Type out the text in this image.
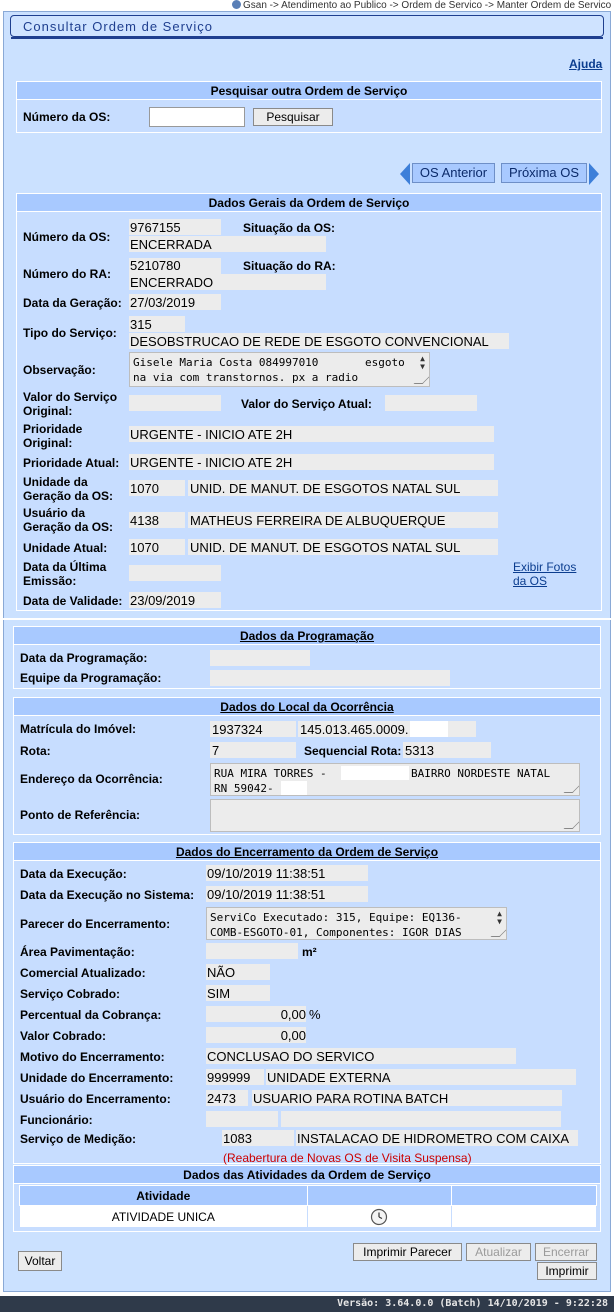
Gsan -> Atendimento ao Publico -> Ordem de Servico -> Manter Ordem de Servico
Consultar Ordem de Serviço
Ajuda
Pesquisar outra Ordem de Serviço
Número da OS:	Pesquisar
OS Anterior	Próxima OS
Dados Gerais da Ordem de Serviço
Número da OS:
9767155	Situação da OS:
ENCERRADA
Número do RA:
5210780	Situação do RA:
ENCERRADO
Data da Geração: 27/03/2019
Tipo do Serviço:
315
DESOBSTRUCAO DE REDE DE ESGOTO CONVENCIONAL
Observação:

Gisele Maria Costa 084997010

	esgoto

na via com transtornos. px a radio

▲
▼

Valor do Serviço Original:	Valor do Serviço Atual:
Prioridade Original:
URGENTE - INICIO ATE 2H
Prioridade Atual: URGENTE - INICIO ATE 2H
Unidade da Geração da OS:	1070 UNID. DE MANUT. DE ESGOTOS NATAL SUL
Usuário da Geração da OS:	4138 MATHEUS FERREIRA DE ALBUQUERQUE
Unidade Atual: 1070 UNID. DE MANUT. DE ESGOTOS NATAL SUL
Data da Última Emissão:
Exibir Fotos da OS
Data de Validade: 23/09/2019
Dados da Programação
Data da Programação:
Equipe da Programação:
Dados do Local da Ocorrência
Matrícula do Imóvel:	1937324	145.013.465.0009.
Rota:	7	Sequencial Rota: 5313
Endereço da Ocorrência:

	RUA MIRA TORRES -

	BAIRRO NORDESTE NATAL

RN 59042-

Ponto de Referência:

Dados do Encerramento da Ordem de Serviço
Data da Execução:	09/10/2019 11:38:51
Data da Execução no Sistema: 09/10/2019 11:38:51
Parecer do Encerramento:

	ServiCo Executado: 315, Equipe: EQ136-

COMB-ESGOTO-01, Componentes: IGOR DIAS

▲
▼

Área Pavimentação:	m²
Comercial Atualizado:	NÃO
Serviço Cobrado:	SIM
Percentual da Cobrança:	0,00 %
Valor Cobrado:	0,00
Motivo do Encerramento:	CONCLUSAO DO SERVICO
Unidade do Encerramento:	999999 UNIDADE EXTERNA
Usuário do Encerramento:	2473 USUARIO PARA ROTINA BATCH
Funcionário:
Serviço de Medição:	1083	INSTALACAO DE HIDROMETRO COM CAIXA
(Reabertura de Novas OS de Visita Suspensa)
Dados das Atividades da Ordem de Serviço
Atividade		
ATIVIDADE UNICA		
Voltar
Imprimir Parecer	Atualizar	Encerrar
Imprimir
Versão: 3.64.0.0 (Batch) 14/10/2019 - 9:22:28
